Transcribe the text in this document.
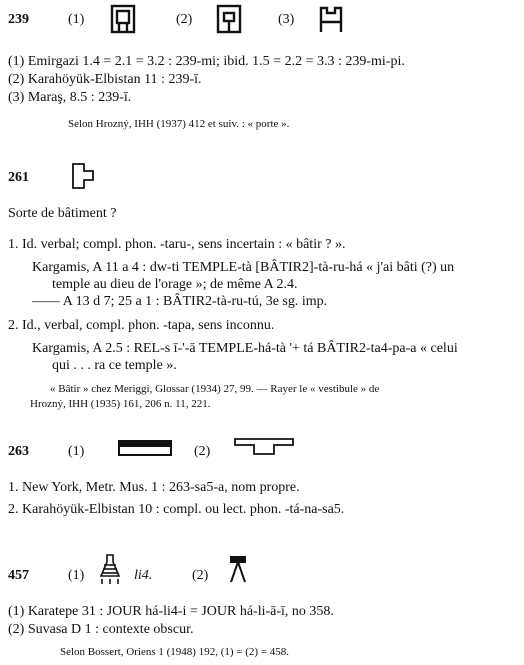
239	(1)	(2)	(3)
(1) Emirgazi 1.4 = 2.1 = 3.2 : 239-mi; ibid. 1.5 = 2.2 = 3.3 : 239-mi-pi.
(2) Karahöyük-Elbistan 11 : 239-ī.
(3) Maraş, 8.5 : 239-ī.
Selon Hrozný, IHH (1937) 412 et suiv. : « porte ».
261
Sorte de bâtiment ?
1. Id. verbal; compl. phon. -taru-, sens incertain : « bâtir ? ».
Kargamis, A 11 a 4 : dw-ti TEMPLE-tà [BÂTIR2]-tà-ru-há « j'ai bâti (?) un
temple au dieu de l'orage »; de même A 2.4.
—— A 13 d 7; 25 a 1 : BÂTIR2-tà-ru-tú, 3e sg. imp.
2. Id., verbal, compl. phon. -tapa, sens inconnu.
Kargamis, A 2.5 : REL-s ī-'-ā TEMPLE-há-tà '+ tá BÂTIR2-ta4-pa-a « celui
qui . . . ra ce temple ».
« Bâtir » chez Meriggi, Glossar (1934) 27, 99. — Rayer le « vestibule » de
Hrozný, IHH (1935) 161, 206 n. 11, 221.
263	(1)	(2)
1. New York, Metr. Mus. 1 : 263-sa5-a, nom propre.
2. Karahöyük-Elbistan 10 : compl. ou lect. phon. -tá-na-sa5.
457	(1)	li4.	(2)
(1) Karatepe 31 : JOUR há-li4-i = JOUR há-li-ā-ī, no 358.
(2) Suvasa D 1 : contexte obscur.
Selon Bossert, Oriens 1 (1948) 192, (1) = (2) = 458.
